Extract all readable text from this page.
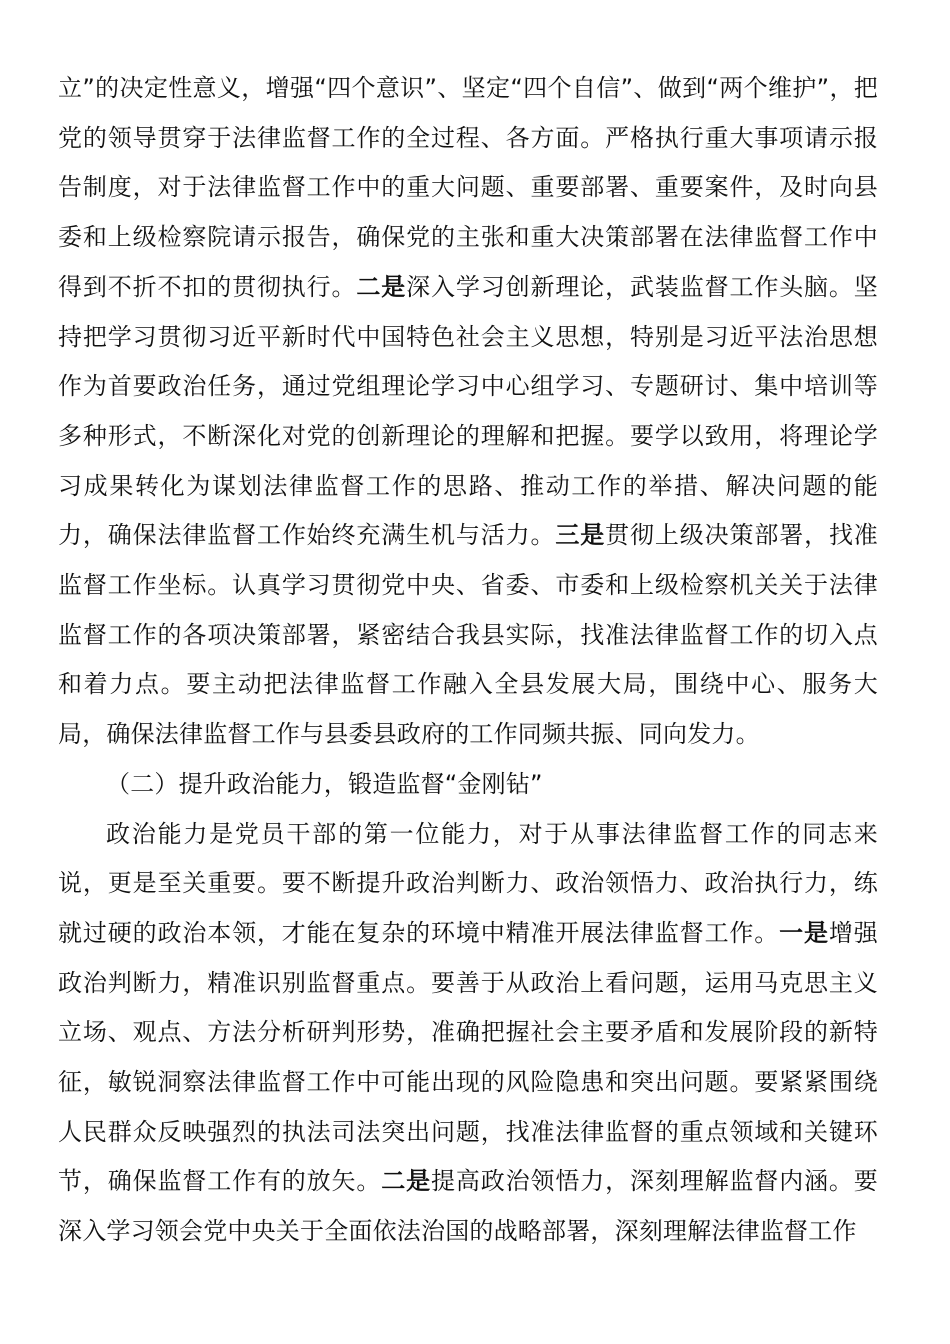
立”的决定性意义，增强“四个意识”、坚定“四个自信”、做到“两个维护”，把党的领导贯穿于法律监督工作的全过程、各方面。严格执行重大事项请示报告制度，对于法律监督工作中的重大问题、重要部署、重要案件，及时向县委和上级检察院请示报告，确保党的主张和重大决策部署在法律监督工作中得到不折不扣的贯彻执行。二是深入学习创新理论，武装监督工作头脑。坚持把学习贯彻习近平新时代中国特色社会主义思想，特别是习近平法治思想作为首要政治任务，通过党组理论学习中心组学习、专题研讨、集中培训等多种形式，不断深化对党的创新理论的理解和把握。要学以致用，将理论学习成果转化为谋划法律监督工作的思路、推动工作的举措、解决问题的能力，确保法律监督工作始终充满生机与活力。三是贯彻上级决策部署，找准监督工作坐标。认真学习贯彻党中央、省委、市委和上级检察机关关于法律监督工作的各项决策部署，紧密结合我县实际，找准法律监督工作的切入点和着力点。要主动把法律监督工作融入全县发展大局，围绕中心、服务大局，确保法律监督工作与县委县政府的工作同频共振、同向发力。

（二）提升政治能力，锻造监督“金刚钻”

政治能力是党员干部的第一位能力，对于从事法律监督工作的同志来说，更是至关重要。要不断提升政治判断力、政治领悟力、政治执行力，练就过硬的政治本领，才能在复杂的环境中精准开展法律监督工作。一是增强政治判断力，精准识别监督重点。要善于从政治上看问题，运用马克思主义立场、观点、方法分析研判形势，准确把握社会主要矛盾和发展阶段的新特征，敏锐洞察法律监督工作中可能出现的风险隐患和突出问题。要紧紧围绕人民群众反映强烈的执法司法突出问题，找准法律监督的重点领域和关键环节，确保监督工作有的放矢。二是提高政治领悟力，深刻理解监督内涵。要深入学习领会党中央关于全面依法治国的战略部署，深刻理解法律监督工作
